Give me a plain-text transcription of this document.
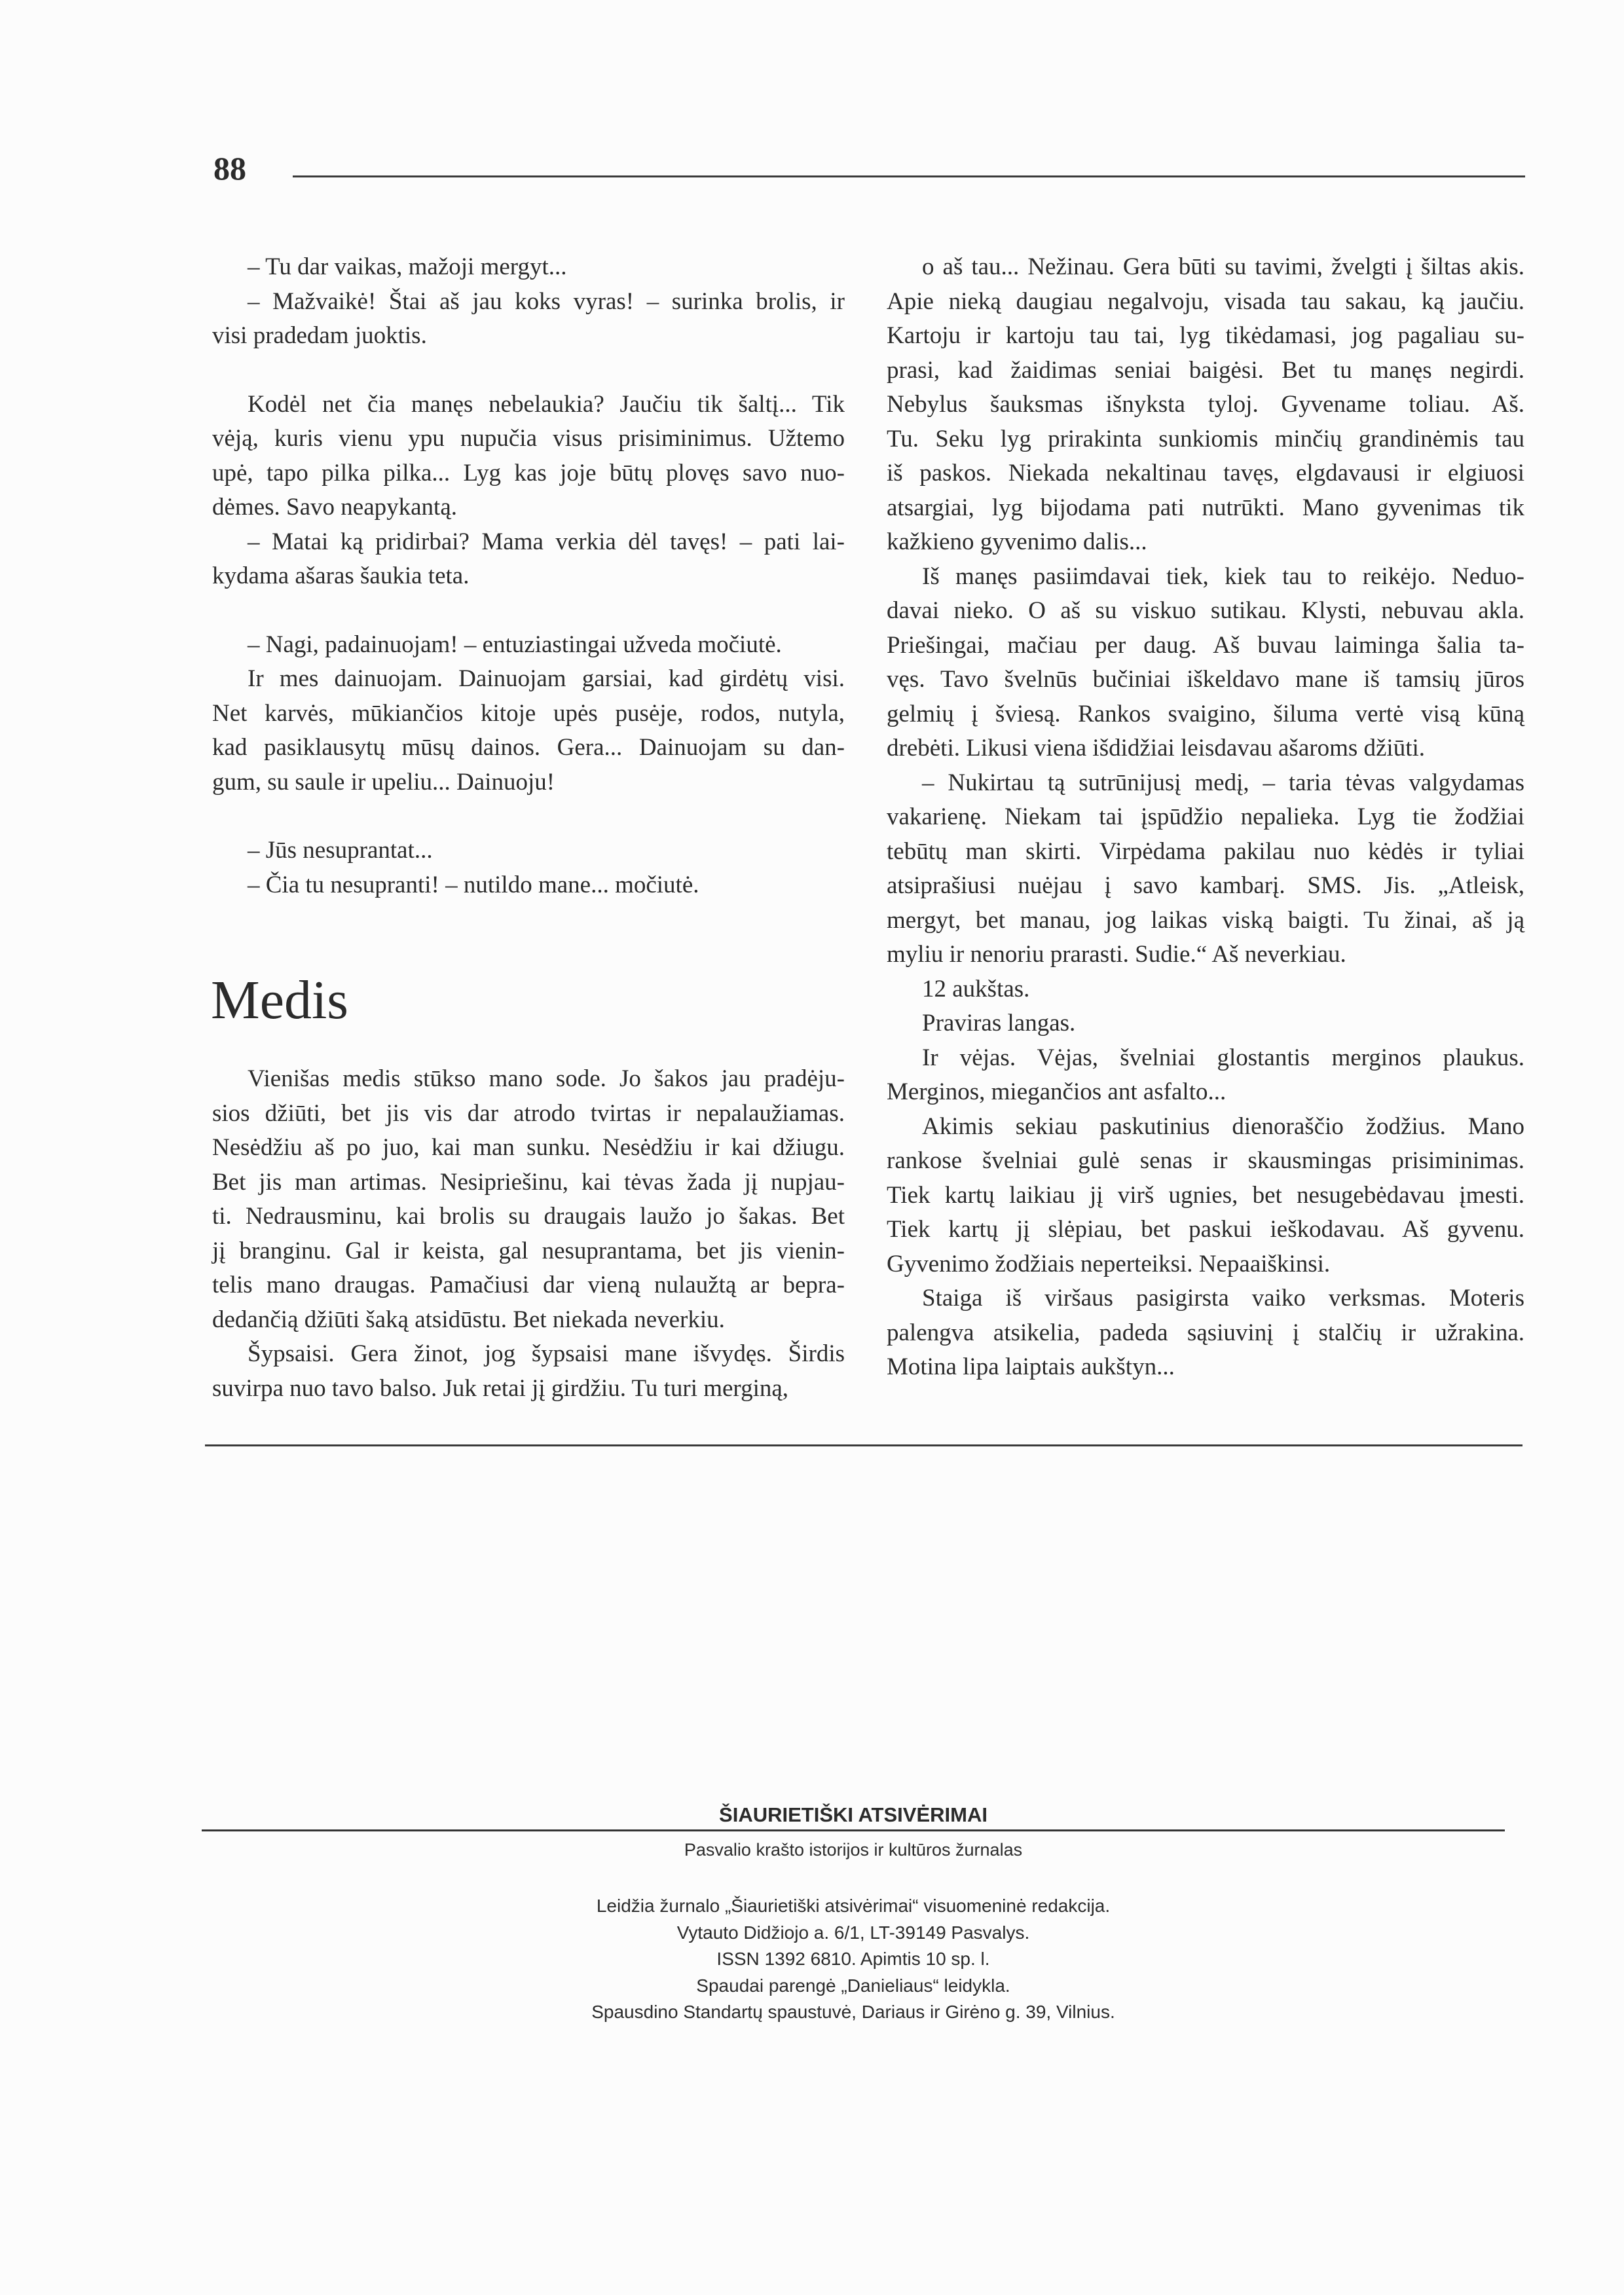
88
– Tu dar vaikas, mažoji mergyt...
– Mažvaikė! Štai aš jau koks vyras! – surinka brolis, ir
visi pradedam juoktis.
Kodėl net čia manęs nebelaukia? Jaučiu tik šaltį... Tik
vėją, kuris vienu ypu nupučia visus prisiminimus. Užtemo
upė, tapo pilka pilka... Lyg kas joje būtų plovęs savo nuo-
dėmes. Savo neapykantą.
– Matai ką pridirbai? Mama verkia dėl tavęs! – pati lai-
kydama ašaras šaukia teta.
– Nagi, padainuojam! – entuziastingai užveda močiutė.
Ir mes dainuojam. Dainuojam garsiai, kad girdėtų visi.
Net karvės, mūkiančios kitoje upės pusėje, rodos, nutyla,
kad pasiklausytų mūsų dainos. Gera... Dainuojam su dan-
gum, su saule ir upeliu... Dainuoju!
– Jūs nesuprantat...
– Čia tu nesupranti! – nutildo mane... močiutė.
Medis
Vienišas medis stūkso mano sode. Jo šakos jau pradėju-
sios džiūti, bet jis vis dar atrodo tvirtas ir nepalaužiamas.
Nesėdžiu aš po juo, kai man sunku. Nesėdžiu ir kai džiugu.
Bet jis man artimas. Nesipriešinu, kai tėvas žada jį nupjau-
ti. Nedrausminu, kai brolis su draugais laužo jo šakas. Bet
jį branginu. Gal ir keista, gal nesuprantama, bet jis vienin-
telis mano draugas. Pamačiusi dar vieną nulaužtą ar bepra-
dedančią džiūti šaką atsidūstu. Bet niekada neverkiu.
Šypsaisi. Gera žinot, jog šypsaisi mane išvydęs. Širdis
suvirpa nuo tavo balso. Juk retai jį girdžiu. Tu turi merginą,
o aš tau... Nežinau. Gera būti su tavimi, žvelgti į šiltas akis.
Apie nieką daugiau negalvoju, visada tau sakau, ką jaučiu.
Kartoju ir kartoju tau tai, lyg tikėdamasi, jog pagaliau su-
prasi, kad žaidimas seniai baigėsi. Bet tu manęs negirdi.
Nebylus šauksmas išnyksta tyloj. Gyvename toliau. Aš.
Tu. Seku lyg prirakinta sunkiomis minčių grandinėmis tau
iš paskos. Niekada nekaltinau tavęs, elgdavausi ir elgiuosi
atsargiai, lyg bijodama pati nutrūkti. Mano gyvenimas tik
kažkieno gyvenimo dalis...
Iš manęs pasiimdavai tiek, kiek tau to reikėjo. Neduo-
davai nieko. O aš su viskuo sutikau. Klysti, nebuvau akla.
Priešingai, mačiau per daug. Aš buvau laiminga šalia ta-
vęs. Tavo švelnūs bučiniai iškeldavo mane iš tamsių jūros
gelmių į šviesą. Rankos svaigino, šiluma vertė visą kūną
drebėti. Likusi viena išdidžiai leisdavau ašaroms džiūti.
– Nukirtau tą sutrūnijusį medį, – taria tėvas valgydamas
vakarienę. Niekam tai įspūdžio nepalieka. Lyg tie žodžiai
tebūtų man skirti. Virpėdama pakilau nuo kėdės ir tyliai
atsiprašiusi nuėjau į savo kambarį. SMS. Jis. „Atleisk,
mergyt, bet manau, jog laikas viską baigti. Tu žinai, aš ją
myliu ir nenoriu prarasti. Sudie.“ Aš neverkiau.
12 aukštas.
Praviras langas.
Ir vėjas. Vėjas, švelniai glostantis merginos plaukus.
Merginos, miegančios ant asfalto...
Akimis sekiau paskutinius dienoraščio žodžius. Mano
rankose švelniai gulė senas ir skausmingas prisiminimas.
Tiek kartų laikiau jį virš ugnies, bet nesugebėdavau įmesti.
Tiek kartų jį slėpiau, bet paskui ieškodavau. Aš gyvenu.
Gyvenimo žodžiais neperteiksi. Nepaaiškinsi.
Staiga iš viršaus pasigirsta vaiko verksmas. Moteris
palengva atsikelia, padeda sąsiuvinį į stalčių ir užrakina.
Motina lipa laiptais aukštyn...
ŠIAURIETIŠKI ATSIVĖRIMAI
Pasvalio krašto istorijos ir kultūros žurnalas
Leidžia žurnalo „Šiaurietiški atsivėrimai“ visuomeninė redakcija.
Vytauto Didžiojo a. 6/1, LT-39149 Pasvalys.
ISSN 1392 6810. Apimtis 10 sp. l.
Spaudai parengė „Danieliaus“ leidykla.
Spausdino Standartų spaustuvė, Dariaus ir Girėno g. 39, Vilnius.
